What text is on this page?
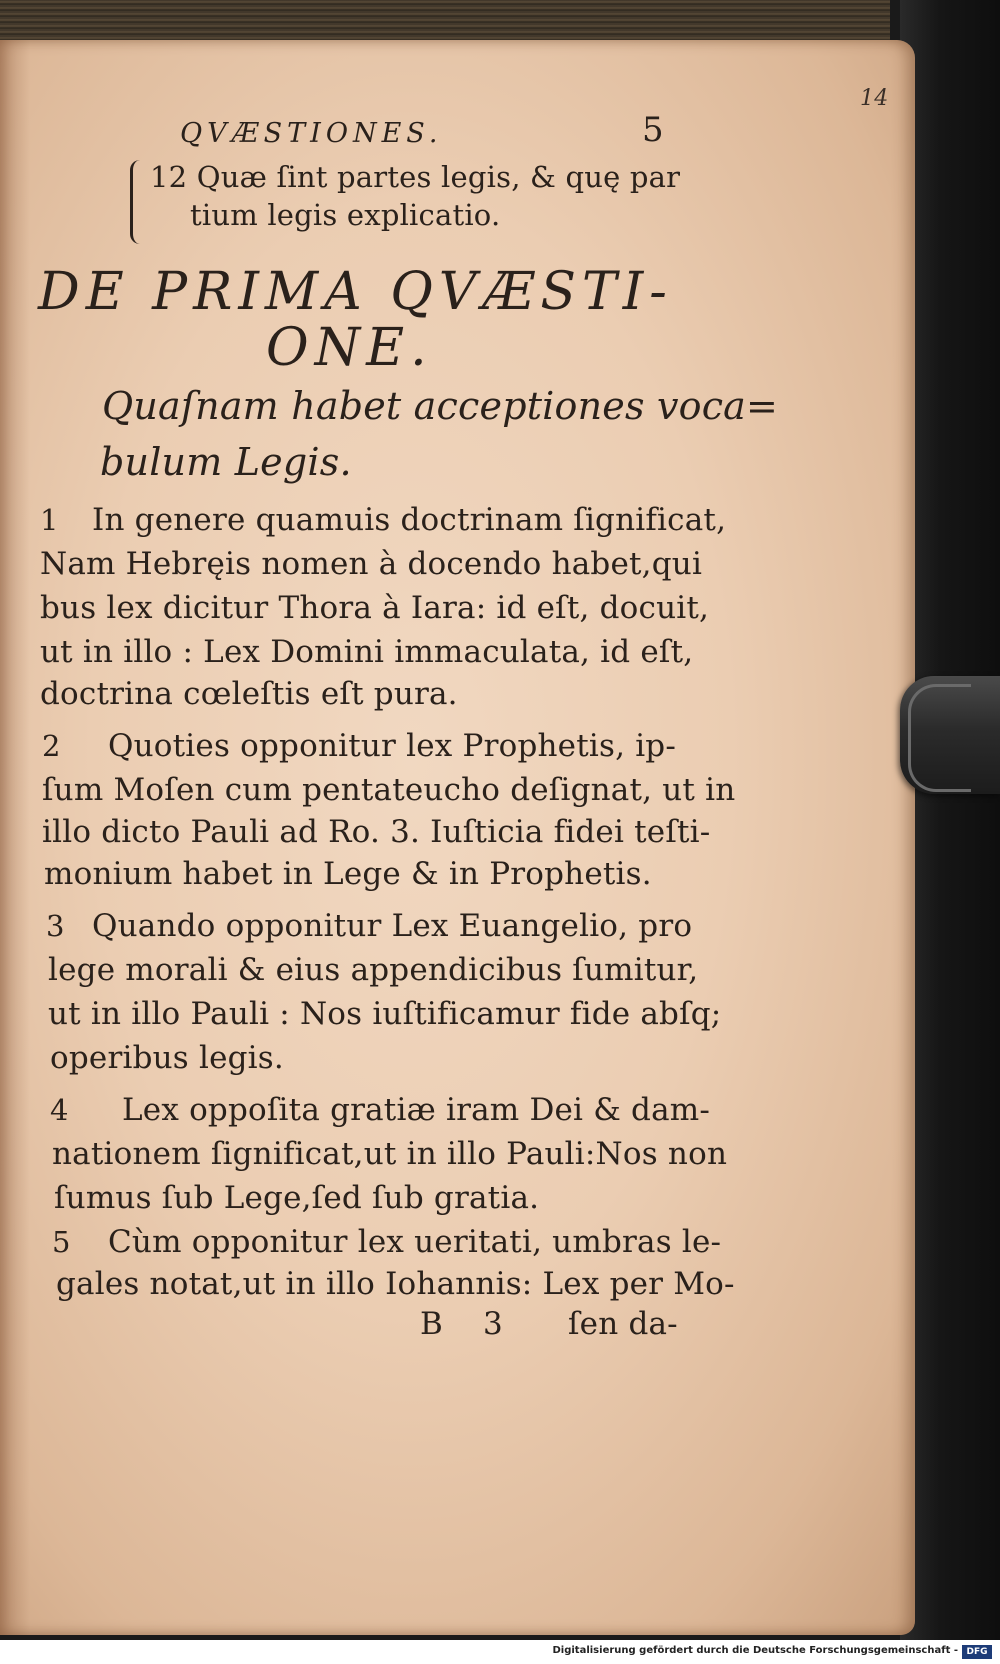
14
QVÆSTIONES.	5
12 Quæ ſint partes legis, & quę par
tium legis explicatio.
DE PRIMA QVÆSTI-
ONE.
Quaſnam habet acceptiones voca=
bulum Legis.
1 In genere quamuis doctrinam ſignificat,
Nam Hebręis nomen à docendo habet,qui
bus lex dicitur Thora à Iara: id eſt, docuit,
ut in illo : Lex Domini immaculata, id eſt,
doctrina cœleſtis eſt pura.
2 Quoties opponitur lex Prophetis, ip-
ſum Moſen cum pentateucho deſignat, ut in
illo dicto Pauli ad Ro. 3. Iuſticia fidei teſti-
monium habet in Lege & in Prophetis.
3 Quando opponitur Lex Euangelio, pro
lege morali & eius appendicibus ſumitur,
ut in illo Pauli : Nos iuſtificamur fide abſq;
operibus legis.
4 Lex oppoſita gratiæ iram Dei & dam-
nationem ſignificat,ut in illo Pauli:Nos non
ſumus ſub Lege,ſed ſub gratia.
5 Cùm opponitur lex ueritati, umbras le-
gales notat,ut in illo Iohannis: Lex per Mo-
B 3 ſen da-
Digitalisierung gefördert durch die Deutsche Forschungsgemeinschaft - DFG
